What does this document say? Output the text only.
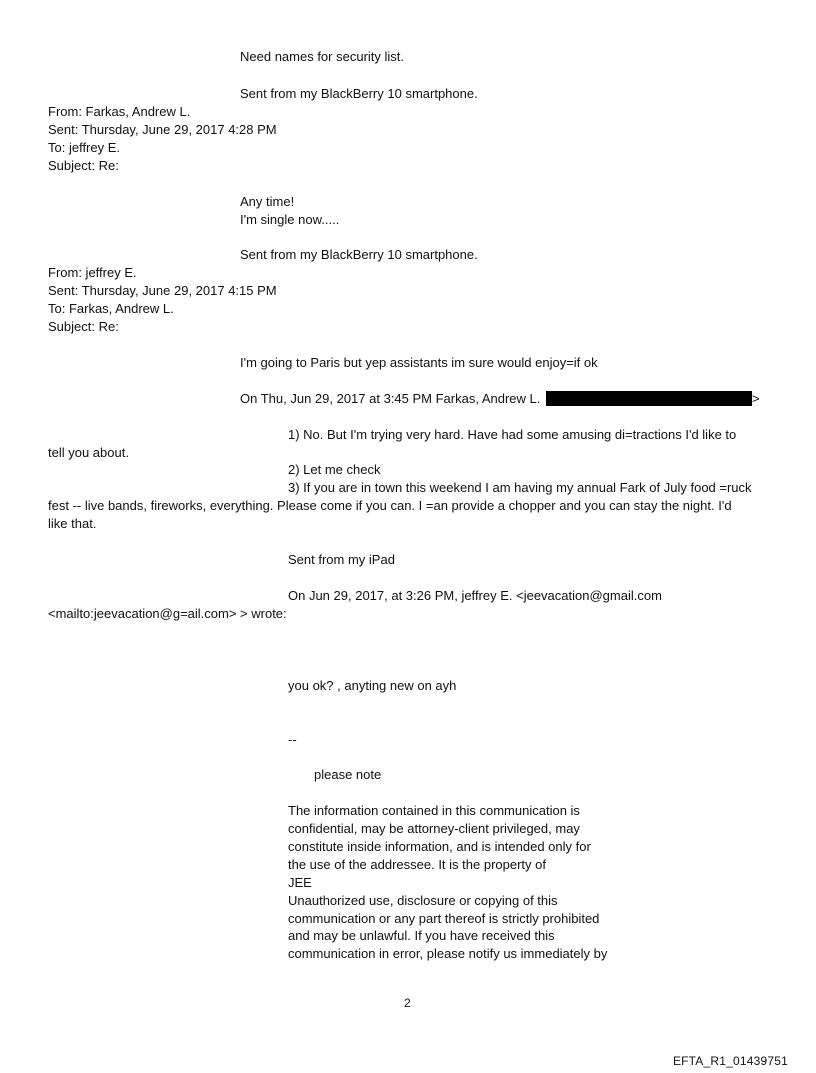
Need names for security list.
Sent from my BlackBerry 10 smartphone.
From: Farkas, Andrew L.
Sent: Thursday, June 29, 2017 4:28 PM
To: jeffrey E.
Subject: Re:
Any time!
I'm single now.....
Sent from my BlackBerry 10 smartphone.
From: jeffrey E.
Sent: Thursday, June 29, 2017 4:15 PM
To: Farkas, Andrew L.
Subject: Re:
I'm going to Paris but yep assistants im sure would enjoy=if ok
On Thu, Jun 29, 2017 at 3:45 PM Farkas, Andrew L.	>
1) No. But I'm trying very hard. Have had some amusing di=tractions I'd like to
tell you about.
2) Let me check
3) If you are in town this weekend I am having my annual Fark of July food =ruck
fest -- live bands, fireworks, everything. Please come if you can. I =an provide a chopper and you can stay the night. I'd
like that.
Sent from my iPad
On Jun 29, 2017, at 3:26 PM, jeffrey E. <jeevacation@gmail.com
<mailto:jeevacation@g=ail.com> > wrote:
you ok? , anyting new on ayh
--
please note
The information contained in this communication is
confidential, may be attorney-client privileged, may
constitute inside information, and is intended only for
the use of the addressee. It is the property of
JEE
Unauthorized use, disclosure or copying of this
communication or any part thereof is strictly prohibited
and may be unlawful. If you have received this
communication in error, please notify us immediately by
2
EFTA_R1_01439751
